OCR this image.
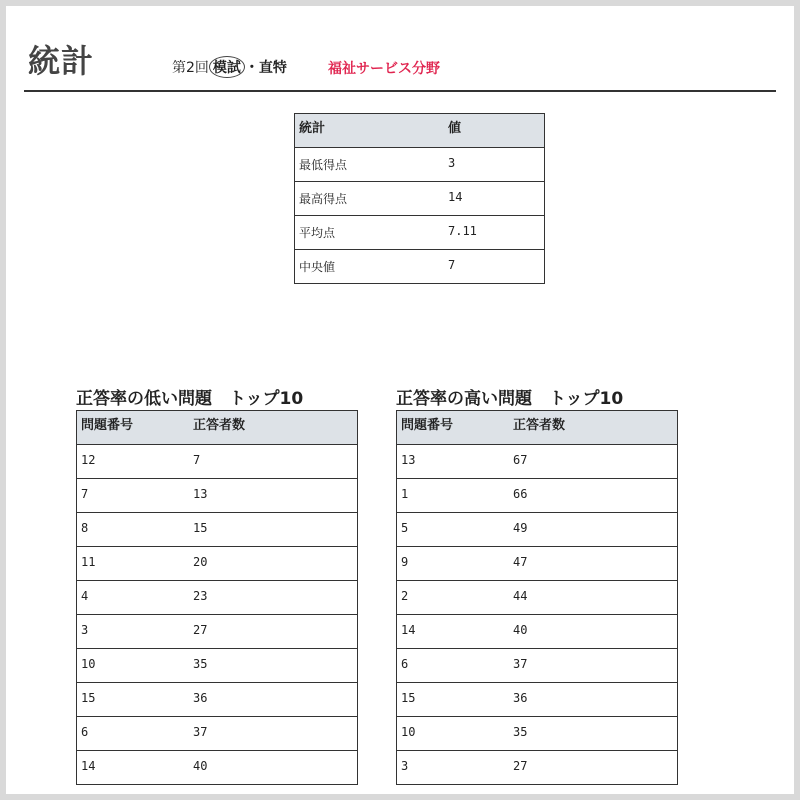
統計	第2回 模試 ・直特	福祉サービス分野
統計	値
最低得点	3
最高得点	14
平均点	7.11
中央値	7
正答率の低い問題　トップ10
問題番号	正答者数
12	7
7	13
8	15
11	20
4	23
3	27
10	35
15	36
6	37
14	40
正答率の高い問題　トップ10
問題番号	正答者数
13	67
1	66
5	49
9	47
2	44
14	40
6	37
15	36
10	35
3	27
